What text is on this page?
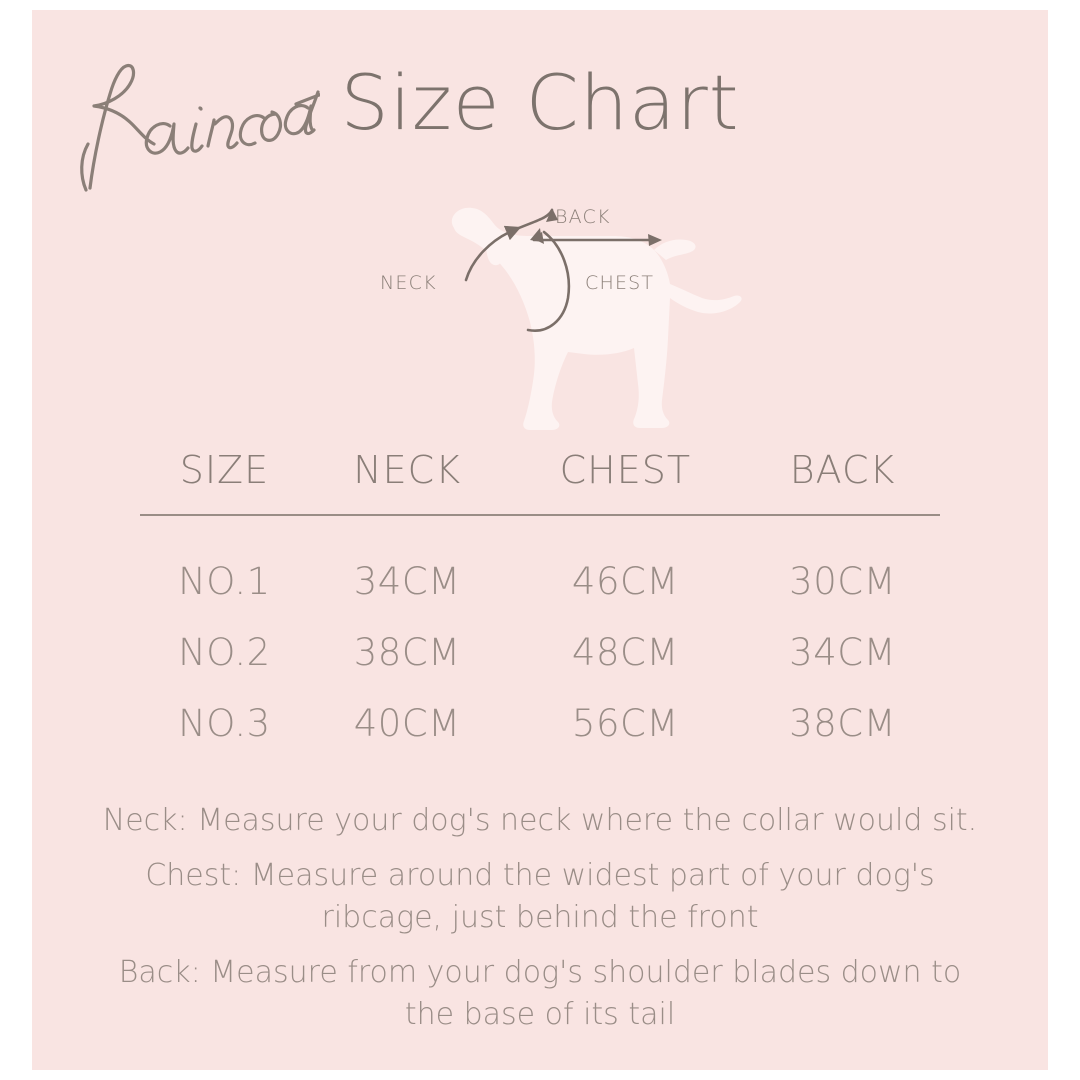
Size Chart
NECK	CHEST
BACK
SIZE	NECK	CHEST	BACK
NO.1	34CM	46CM	30CM
NO.2	38CM	48CM	34CM
NO.3	40CM	56CM	38CM
Neck: Measure your dog's neck where the collar would sit.
Chest: Measure around the widest part of your dog's ribcage, just behind the front
Back: Measure from your dog's shoulder blades down to the base of its tail
